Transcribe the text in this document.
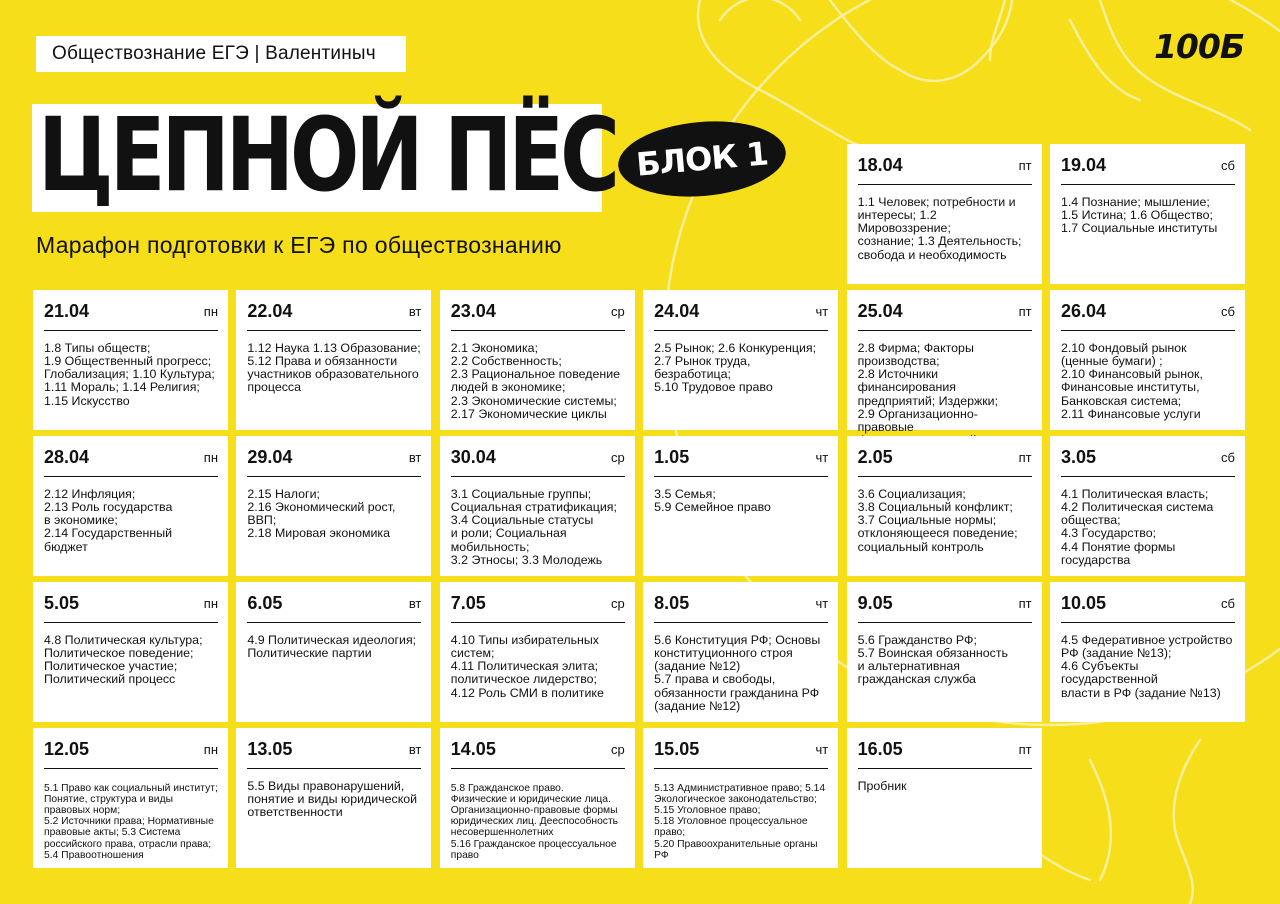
Обществознание ЕГЭ | Валентиныч	100Б
ЦЕПНОЙ ПЁС БЛОК 1
Марафон подготовки к ЕГЭ по обществознанию
18.04	пт
1.1 Человек; потребности и
интересы; 1.2 Мировоззрение;
сознание; 1.3 Деятельность;
свобода и необходимость
19.04	сб
1.4 Познание; мышление;
1.5 Истина; 1.6 Общество;
1.7 Социальные институты
21.04	пн
1.8 Типы обществ;
1.9 Общественный прогресс;
Глобализация; 1.10 Культура;
1.11 Мораль; 1.14 Религия;
1.15 Искусство
22.04	вт
1.12 Наука 1.13 Образование;
5.12 Права и обязанности
участников образовательного
процесса
23.04	ср
2.1 Экономика;
2.2 Собственность;
2.3 Рациональное поведение
людей в экономике;
2.3 Экономические системы;
2.17 Экономические циклы
24.04	чт
2.5 Рынок; 2.6 Конкуренция;
2.7 Рынок труда, безработица;
5.10 Трудовое право
25.04	пт
2.8 Фирма; Факторы
производства;
2.8 Источники финансирования
предприятий; Издержки;
2.9 Организационно-правовые

26.04	сб
2.10 Фондовый рынок
(ценные бумаги) ;
2.10 Финансовый рынок,
Финансовые институты,
Банковская система;
2.11 Финансовые услуги
28.04	пн
2.12 Инфляция;
2.13 Роль государства
в экономике;
2.14 Государственный бюджет
29.04	вт
2.15 Налоги;
2.16 Экономический рост, ВВП;
2.18 Мировая экономика
30.04	ср
3.1 Социальные группы;
Социальная стратификация;
3.4 Социальные статусы
и роли; Социальная
мобильность;
3.2 Этносы; 3.3 Молодежь
1.05	чт
3.5 Семья;
5.9 Семейное право
2.05	пт
3.6 Социализация;
3.8 Социальный конфликт;
3.7 Социальные нормы;
отклоняющееся поведение;
социальный контроль
3.05	сб
4.1 Политическая власть;
4.2 Политическая система
общества;
4.3 Государство;
4.4 Понятие формы
государства
5.05	пн
4.8 Политическая культура;
Политическое поведение;
Политическое участие;
Политический процесс
6.05	вт
4.9 Политическая идеология;
Политические партии
7.05	ср
4.10 Типы избирательных
систем;
4.11 Политическая элита;
политическое лидерство;
4.12 Роль СМИ в политике
8.05	чт
5.6 Конституция РФ; Основы
конституционного строя
(задание №12)
5.7 права и свободы,
обязанности гражданина РФ
(задание №12)
9.05	пт
5.6 Гражданство РФ;
5.7 Воинская обязанность
и альтернативная
гражданская служба
10.05	сб
4.5 Федеративное устройство
РФ (задание №13);
4.6 Субъекты государственной
власти в РФ (задание №13)
12.05	пн
5.1 Право как социальный институт;
Понятие, структура и виды
правовых норм;
5.2 Источники права; Нормативные
правовые акты; 5.3 Система
российского права, отрасли права;
5.4 Правоотношения
13.05	вт
5.5 Виды правонарушений,
понятие и виды юридической
ответственности
14.05	ср
5.8 Гражданское право.
Физические и юридические лица.
Организационно-правовые формы
юридических лиц. Дееспособность
несовершеннолетних
5.16 Гражданское процессуальное
право
15.05	чт
5.13 Административное право; 5.14
Экологическое законодательство;
5.15 Уголовное право;
5.18 Уголовное процессуальное
право;
5.20 Правоохранительные органы
РФ
16.05	пт
Пробник
